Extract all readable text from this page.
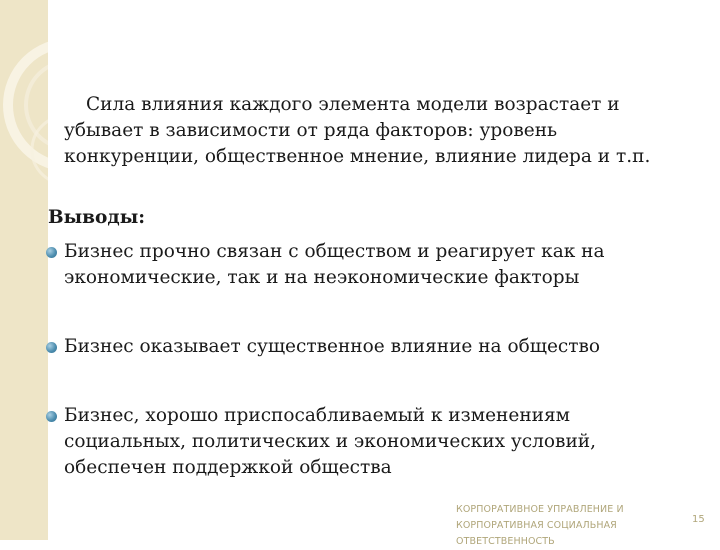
Сила влияния каждого элемента модели возрастает и убывает в зависимости от ряда факторов: уровень конкуренции, общественное мнение, влияние лидера и т.п.

Выводы:

Бизнес прочно связан с обществом и реагирует как на экономические, так и на неэкономические факторы
Бизнес оказывает существенное влияние на общество
Бизнес, хорошо приспосабливаемый к изменениям социальных, политических и экономических условий, обеспечен поддержкой общества
КОРПОРАТИВНОЕ УПРАВЛЕНИЕ И КОРПОРАТИВНАЯ СОЦИАЛЬНАЯ ОТВЕТСТВЕННОСТЬ
15
